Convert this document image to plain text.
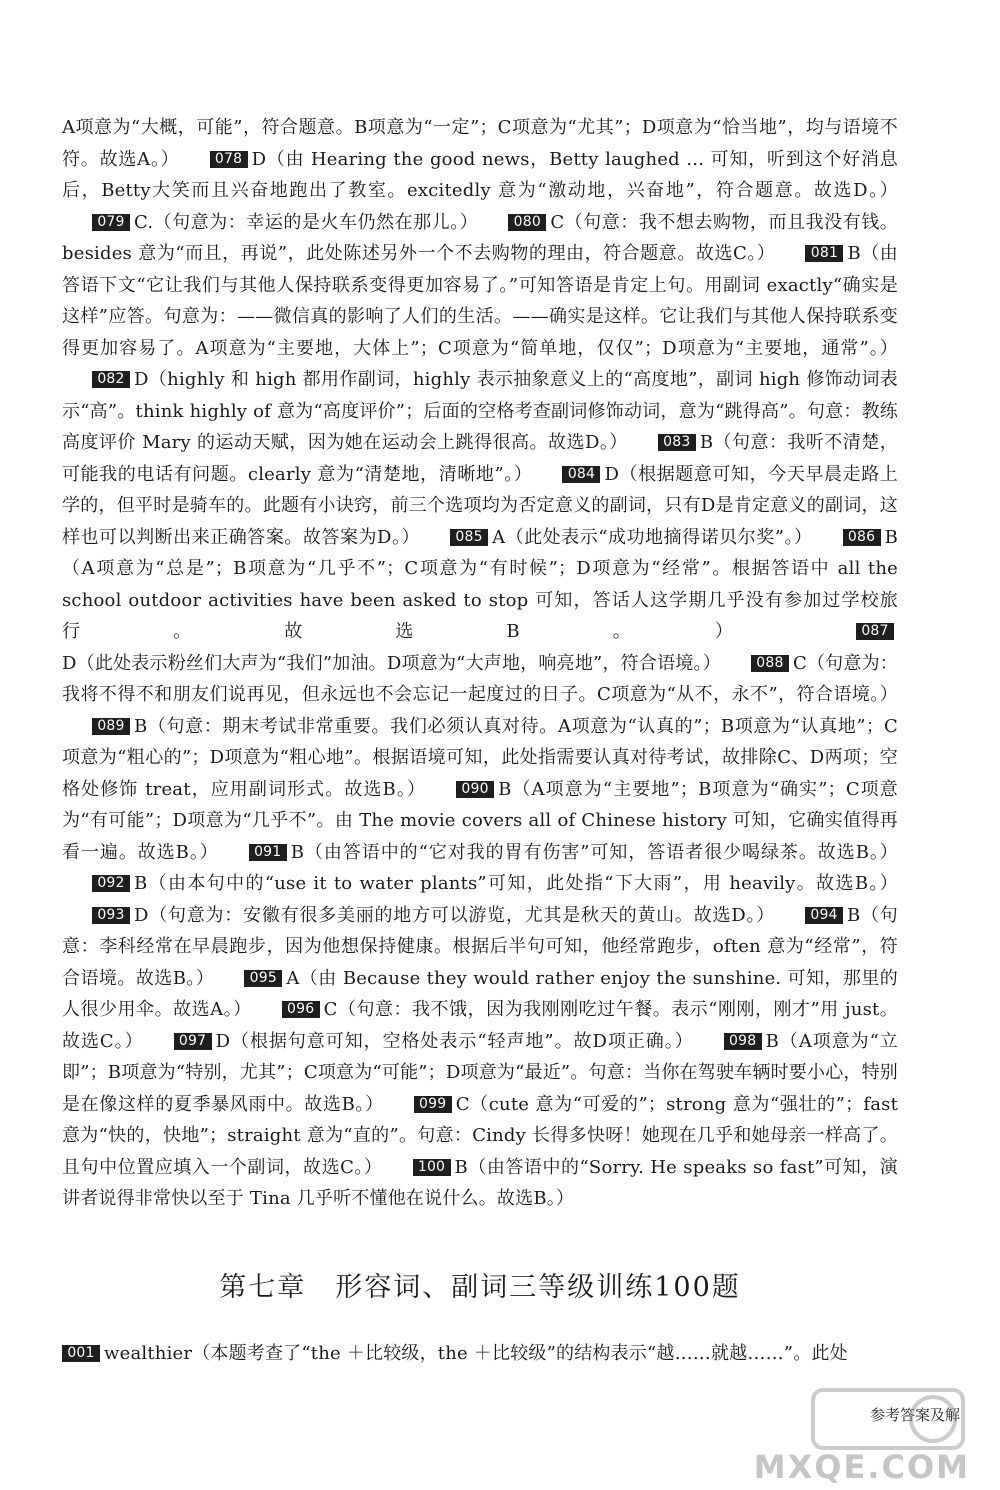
A项意为“大概，可能”，符合题意。B项意为“一定”；C项意为“尤其”；D项意为“恰当地”，均与语境不符。故选A。）	078 D（由 Hearing the good news，Betty laughed ... 可知，听到这个好消息后，Betty大笑而且兴奋地跑出了教室。excitedly 意为“激动地，兴奋地”，符合题意。故选D。）079 C.（句意为：幸运的是火车仍然在那儿。）	080 C（句意：我不想去购物，而且我没有钱。besides 意为“而且，再说”，此处陈述另外一个不去购物的理由，符合题意。故选C。）	081 B（由答语下文“它让我们与其他人保持联系变得更加容易了。”可知答语是肯定上句。用副词 exactly“确实是这样”应答。句意为：——微信真的影响了人们的生活。——确实是这样。它让我们与其他人保持联系变得更加容易了。A项意为“主要地，大体上”；C项意为“简单地，仅仅”；D项意为“主要地，通常”。）082 D（highly 和 high 都用作副词，highly 表示抽象意义上的“高度地”，副词 high 修饰动词表示“高”。think highly of 意为“高度评价”；后面的空格考查副词修饰动词，意为“跳得高”。句意：教练高度评价 Mary 的运动天赋，因为她在运动会上跳得很高。故选D。）	083 B（句意：我听不清楚，可能我的电话有问题。clearly 意为“清楚地，清晰地”。）	084 D（根据题意可知，今天早晨走路上学的，但平时是骑车的。此题有小诀窍，前三个选项均为否定意义的副词，只有D是肯定意义的副词，这样也可以判断出来正确答案。故答案为D。）	085 A（此处表示“成功地摘得诺贝尔奖”。）	086 B（A项意为“总是”；B项意为“几乎不”；C项意为“有时候”；D项意为“经常”。根据答语中 all the school outdoor activities have been asked to stop 可知，答话人这学期几乎没有参加过学校旅行。故选B。）	087D（此处表示粉丝们大声为“我们”加油。D项意为“大声地，响亮地”，符合语境。）	088 C（句意为：我将不得不和朋友们说再见，但永远也不会忘记一起度过的日子。C项意为“从不，永不”，符合语境。）089 B（句意：期末考试非常重要。我们必须认真对待。A项意为“认真的”；B项意为“认真地”；C项意为“粗心的”；D项意为“粗心地”。根据语境可知，此处指需要认真对待考试，故排除C、D两项；空格处修饰 treat，应用副词形式。故选B。）	090 B（A项意为“主要地”；B项意为“确实”；C项意为“有可能”；D项意为“几乎不”。由 The movie covers all of Chinese history 可知，它确实值得再看一遍。故选B。）	091 B（由答语中的“它对我的胃有伤害”可知，答语者很少喝绿茶。故选B。）092 B（由本句中的“use it to water plants”可知，此处指“下大雨”，用 heavily。故选B。）093 D（句意为：安徽有很多美丽的地方可以游览，尤其是秋天的黄山。故选D。）	094 B（句意：李科经常在早晨跑步，因为他想保持健康。根据后半句可知，他经常跑步，often 意为“经常”，符合语境。故选B。）	095 A（由 Because they would rather enjoy the sunshine. 可知，那里的人很少用伞。故选A。）	096 C（句意：我不饿，因为我刚刚吃过午餐。表示“刚刚，刚才”用 just。故选C。）	097 D（根据句意可知，空格处表示“轻声地”。故D项正确。）	098 B（A项意为“立即”；B项意为“特别，尤其”；C项意为“可能”；D项意为“最近”。句意：当你在驾驶车辆时要小心，特别是在像这样的夏季暴风雨中。故选B。）	099 C（cute 意为“可爱的”；strong 意为“强壮的”；fast 意为“快的，快地”；straight 意为“直的”。句意：Cindy 长得多快呀！她现在几乎和她母亲一样高了。且句中位置应填入一个副词，故选C。）	100 B（由答语中的“Sorry. He speaks so fast”可知，演讲者说得非常快以至于 Tina 几乎听不懂他在说什么。故选B。）

第七章　形容词、副词三等级训练100题

001 wealthier（本题考查了“the ＋比较级，the ＋比较级”的结构表示“越……就越……”。此处

参考答案及解
MXQE.COM
